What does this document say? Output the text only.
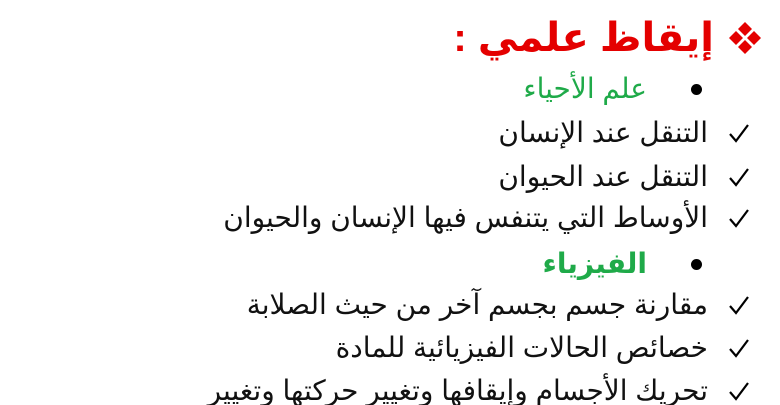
إيقاظ علمي :
علم الأحياء
التنقل عند الإنسان
التنقل عند الحيوان
الأوساط التي يتنفس فيها الإنسان والحيوان
الفيزياء
مقارنة جسم بجسم آخر من حيث الصلابة
خصائص الحالات الفيزيائية للمادة
تحريك الأجسام وإيقافها وتغيير حركتها وتغيير
